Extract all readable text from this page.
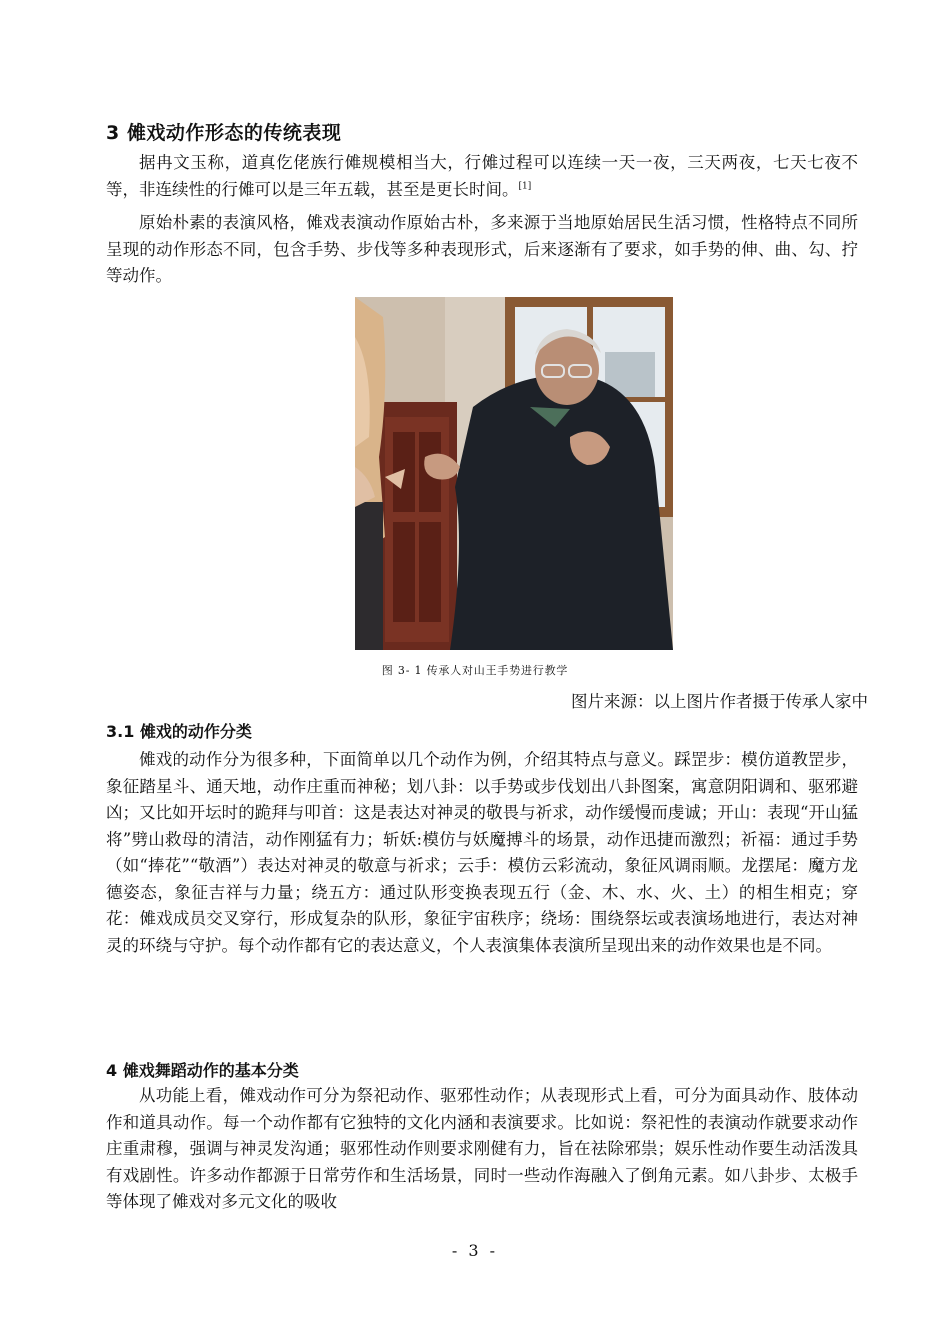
3 傩戏动作形态的传统表现

据冉文玉称，道真仡佬族行傩规模相当大，行傩过程可以连续一天一夜，三天两夜，七天七夜不等，非连续性的行傩可以是三年五载，甚至是更长时间。[1]

原始朴素的表演风格，傩戏表演动作原始古朴，多来源于当地原始居民生活习惯，性格特点不同所呈现的动作形态不同，包含手势、步伐等多种表现形式，后来逐渐有了要求，如手势的伸、曲、勾、拧等动作。

图 3- 1 传承人对山王手势进行教学
图片来源：以上图片作者摄于传承人家中
3.1 傩戏的动作分类

傩戏的动作分为很多种，下面简单以几个动作为例，介绍其特点与意义。踩罡步：模仿道教罡步，象征踏星斗、通天地，动作庄重而神秘；划八卦：以手势或步伐划出八卦图案，寓意阴阳调和、驱邪避凶；又比如开坛时的跪拜与叩首：这是表达对神灵的敬畏与祈求，动作缓慢而虔诚；开山：表现“开山猛将”劈山救母的清洁，动作刚猛有力；斩妖:模仿与妖魔搏斗的场景，动作迅捷而激烈；祈福：通过手势（如“捧花”“敬酒”）表达对神灵的敬意与祈求；云手：模仿云彩流动，象征风调雨顺。龙摆尾：魔方龙德姿态，象征吉祥与力量；绕五方：通过队形变换表现五行（金、木、水、火、土）的相生相克；穿花：傩戏成员交叉穿行，形成复杂的队形，象征宇宙秩序；绕场：围绕祭坛或表演场地进行，表达对神灵的环绕与守护。每个动作都有它的表达意义，个人表演集体表演所呈现出来的动作效果也是不同。

4 傩戏舞蹈动作的基本分类

从功能上看，傩戏动作可分为祭祀动作、驱邪性动作；从表现形式上看，可分为面具动作、肢体动作和道具动作。每一个动作都有它独特的文化内涵和表演要求。比如说：祭祀性的表演动作就要求动作庄重肃穆，强调与神灵发沟通；驱邪性动作则要求刚健有力，旨在祛除邪祟；娱乐性动作要生动活泼具有戏剧性。许多动作都源于日常劳作和生活场景，同时一些动作海融入了倒角元素。如八卦步、太极手等体现了傩戏对多元文化的吸收

- 3 -
